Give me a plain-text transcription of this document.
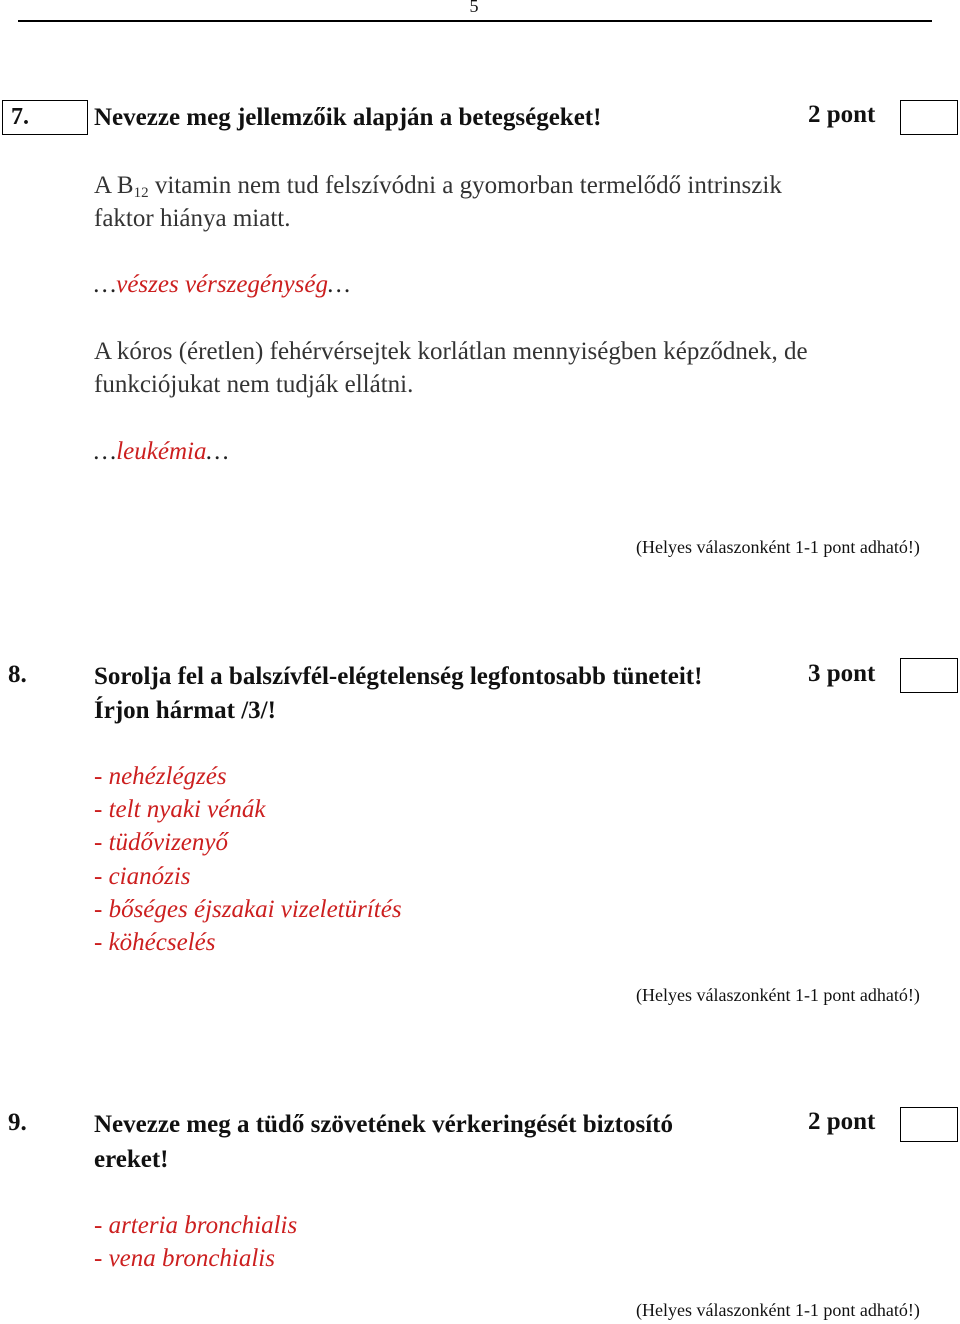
5
7.	Nevezze meg jellemzőik alapján a betegségeket!	2 pont
A $B_{12}$ vitamin nem tud felszívódni a gyomorban termelődő intrinszik
faktor hiánya miatt.
…vészes vérszegénység…
A kóros (éretlen) fehérvérsejtek korlátlan mennyiségben képződnek, de
funkciójukat nem tudják ellátni.
…leukémia…
(Helyes válaszonként 1-1 pont adható!)
8.	Sorolja fel a balszívfél-elégtelenség legfontosabb tüneteit!
Írjon hármat /3/!
3 pont
- nehézlégzés
- telt nyaki vénák
- tüdővizenyő
- cianózis
- bőséges éjszakai vizeletürítés
- köhécselés
(Helyes válaszonként 1-1 pont adható!)
9.	Nevezze meg a tüdő szövetének vérkeringését biztosító
ereket!
2 pont
- arteria bronchialis
- vena bronchialis
(Helyes válaszonként 1-1 pont adható!)
